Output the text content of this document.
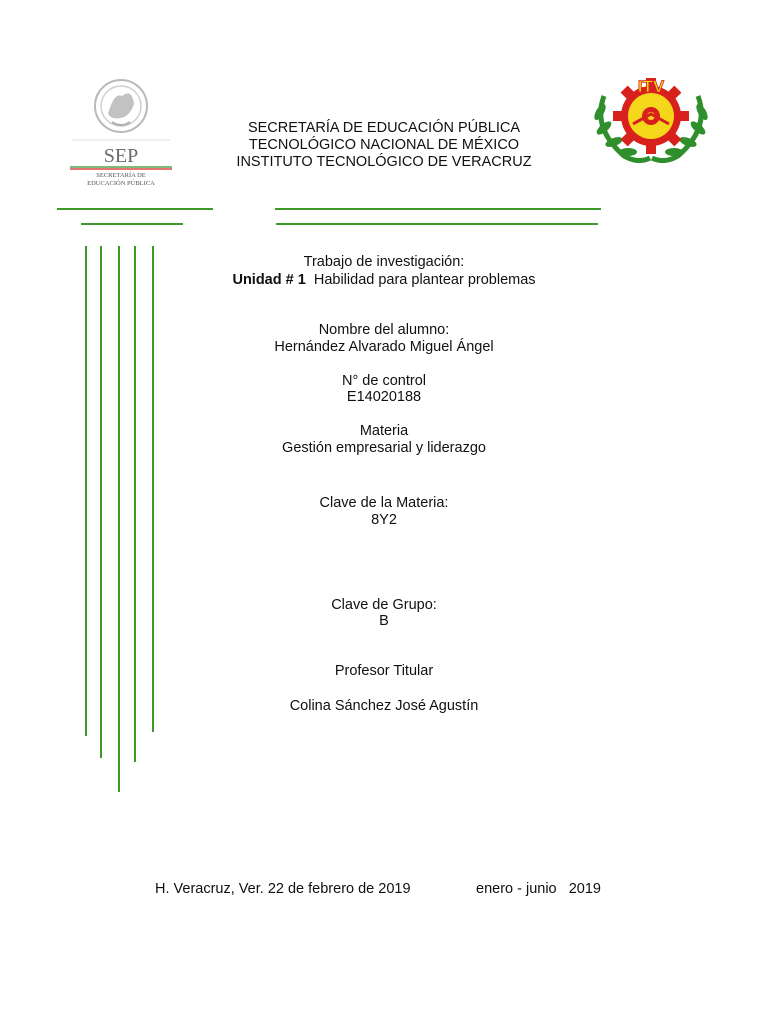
SEP
SECRETARÍA DE
EDUCACIÓN PÚBLICA
ITV
SECRETARÍA DE EDUCACIÓN PÚBLICA
TECNOLÓGICO NACIONAL DE MÉXICO
INSTITUTO TECNOLÓGICO DE VERACRUZ
Trabajo de investigación:
Unidad # 1 Habilidad para plantear problemas
Nombre del alumno:
Hernández Alvarado Miguel Ángel
N° de control
E14020188
Materia
Gestión empresarial y liderazgo
Clave de la Materia:
8Y2
Clave de Grupo:
B
Profesor Titular
Colina Sánchez José Agustín
H. Veracruz, Ver. 22 de febrero de 2019	enero - junio   2019
